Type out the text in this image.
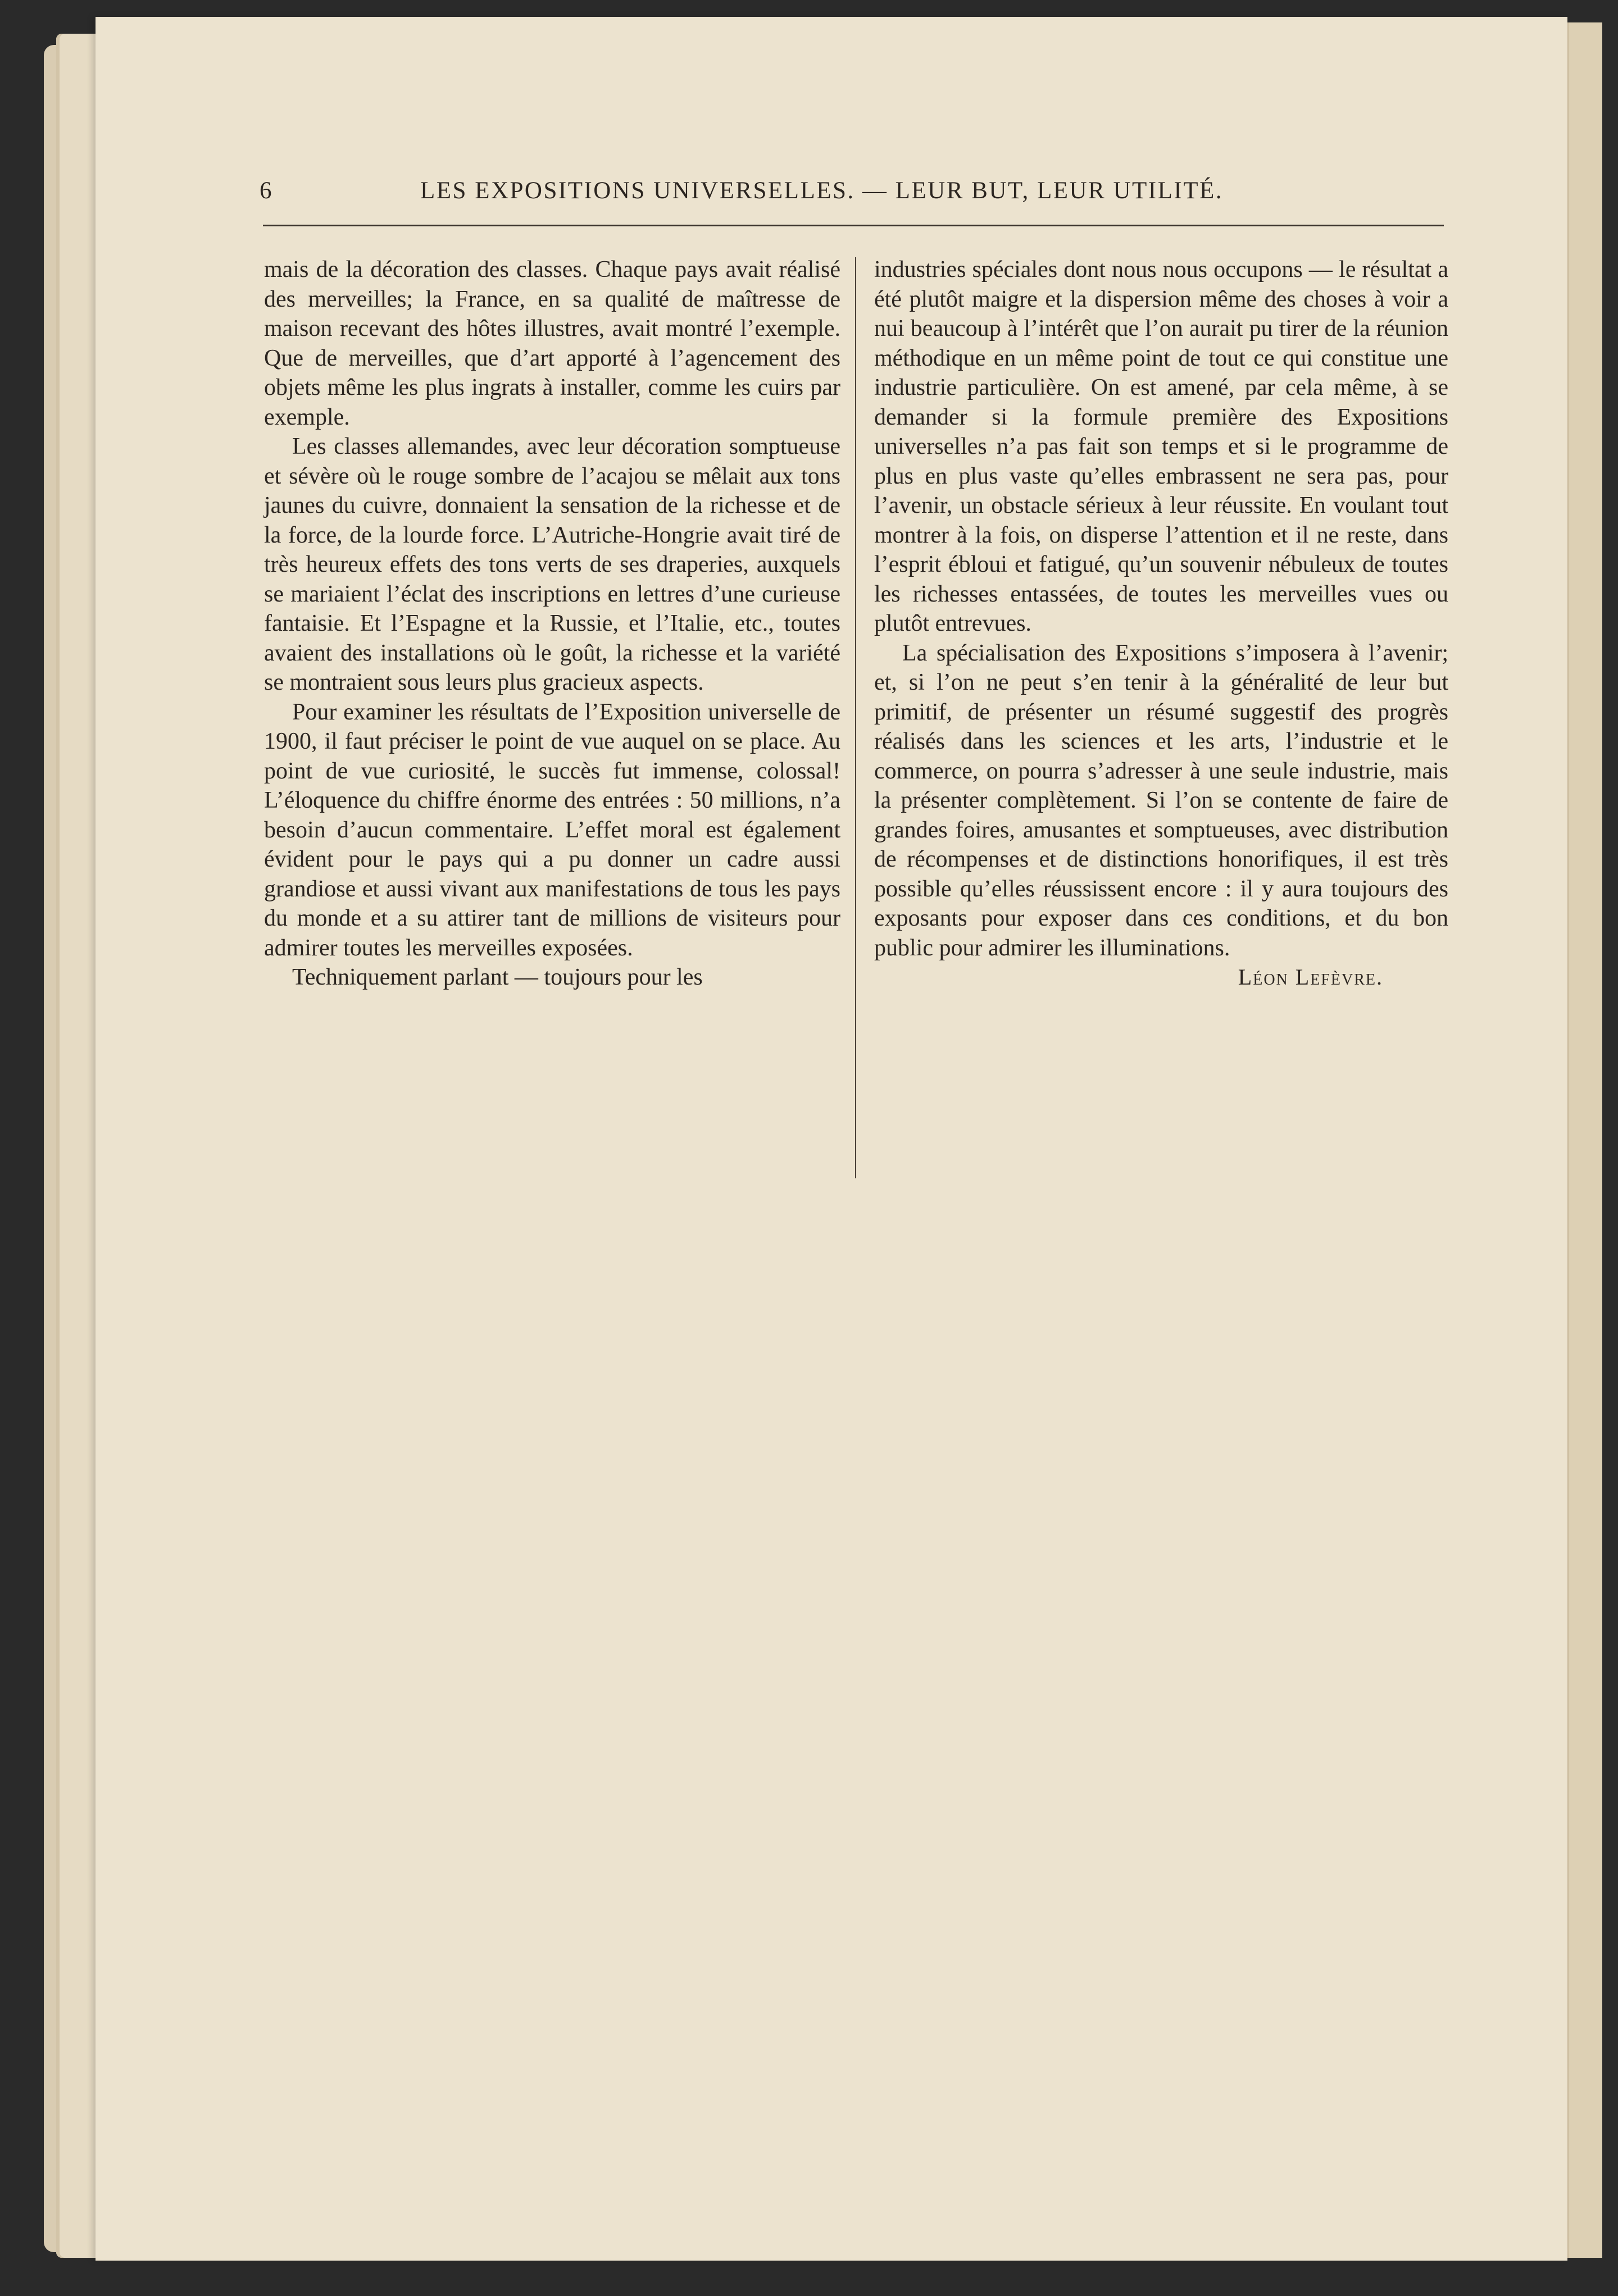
6	LES EXPOSITIONS UNIVERSELLES. — LEUR BUT, LEUR UTILITÉ.

mais de la décoration des classes. Chaque pays avait réalisé des merveilles; la France, en sa qualité de maîtresse de maison recevant des hôtes illustres, avait montré l’exemple. Que de merveilles, que d’art apporté à l’agencement des objets même les plus ingrats à installer, comme les cuirs par exemple.

Les classes allemandes, avec leur décoration somptueuse et sévère où le rouge sombre de l’acajou se mêlait aux tons jaunes du cuivre, donnaient la sensation de la richesse et de la force, de la lourde force. L’Autriche-Hongrie avait tiré de très heureux effets des tons verts de ses draperies, auxquels se mariaient l’éclat des inscriptions en lettres d’une curieuse fantaisie. Et l’Espagne et la Russie, et l’Italie, etc., toutes avaient des installations où le goût, la richesse et la variété se montraient sous leurs plus gracieux aspects.

Pour examiner les résultats de l’Exposition universelle de 1900, il faut préciser le point de vue auquel on se place. Au point de vue curiosité, le succès fut immense, colossal! L’éloquence du chiffre énorme des entrées : 50 millions, n’a besoin d’aucun commentaire. L’effet moral est également évident pour le pays qui a pu donner un cadre aussi grandiose et aussi vivant aux manifestations de tous les pays du monde et a su attirer tant de millions de visiteurs pour admirer toutes les merveilles exposées.

Techniquement parlant — toujours pour les

industries spéciales dont nous nous occupons — le résultat a été plutôt maigre et la dispersion même des choses à voir a nui beaucoup à l’intérêt que l’on aurait pu tirer de la réunion méthodique en un même point de tout ce qui constitue une industrie particulière. On est amené, par cela même, à se demander si la formule première des Expositions universelles n’a pas fait son temps et si le programme de plus en plus vaste qu’elles embrassent ne sera pas, pour l’avenir, un obstacle sérieux à leur réussite. En voulant tout montrer à la fois, on disperse l’attention et il ne reste, dans l’esprit ébloui et fatigué, qu’un souvenir nébuleux de toutes les richesses entassées, de toutes les merveilles vues ou plutôt entrevues.

La spécialisation des Expositions s’imposera à l’avenir; et, si l’on ne peut s’en tenir à la généralité de leur but primitif, de présenter un résumé suggestif des progrès réalisés dans les sciences et les arts, l’industrie et le commerce, on pourra s’adresser à une seule industrie, mais la présenter complètement. Si l’on se contente de faire de grandes foires, amusantes et somptueuses, avec distribution de récompenses et de distinctions honorifiques, il est très possible qu’elles réussissent encore : il y aura toujours des exposants pour exposer dans ces conditions, et du bon public pour admirer les illuminations.

Léon Lefèvre.
